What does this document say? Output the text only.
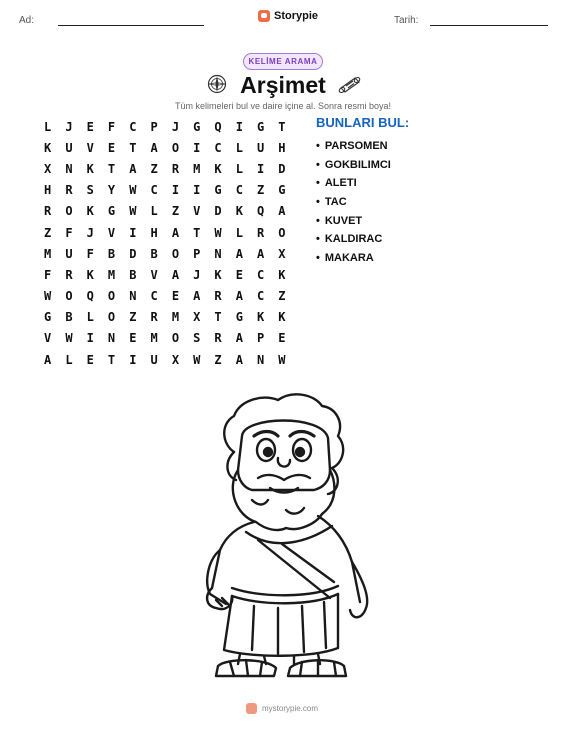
Ad:	Storypie	Tarih:
KELİME ARAMA
Arşimet
Tüm kelimeleri bul ve daire içine al. Sonra resmi boya!
L	J	E	F	C	P	J	G	Q	I	G	T
K	U	V	E	T	A	O	I	C	L	U	H
X	N	K	T	A	Z	R	M	K	L	I	D
H	R	S	Y	W	C	I	I	G	C	Z	G
R	O	K	G	W	L	Z	V	D	K	Q	A
Z	F	J	V	I	H	A	T	W	L	R	O
M	U	F	B	D	B	O	P	N	A	A	X
F	R	K	M	B	V	A	J	K	E	C	K
W	O	Q	O	N	C	E	A	R	A	C	Z
G	B	L	O	Z	R	M	X	T	G	K	K
V	W	I	N	E	M	O	S	R	A	P	E
A	L	E	T	I	U	X	W	Z	A	N	W
BUNLARI BUL:
• PARSOMEN
• GOKBILIMCI
• ALETI
• TAC
• KUVET
• KALDIRAC
• MAKARA
mystorypie.com
